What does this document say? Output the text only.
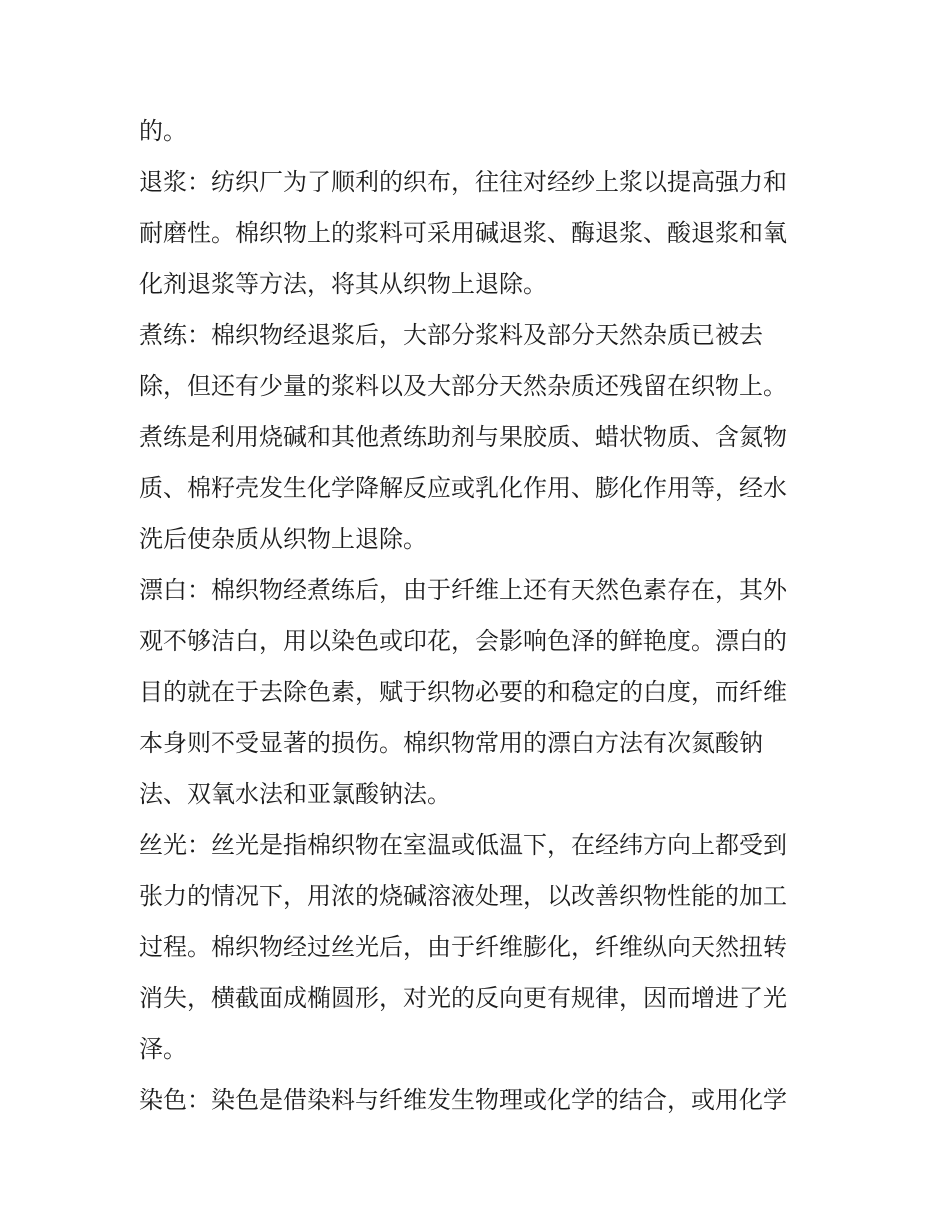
的。

退浆：纺织厂为了顺利的织布，往往对经纱上浆以提高强力和
耐磨性。棉织物上的浆料可采用碱退浆、酶退浆、酸退浆和氧
化剂退浆等方法，将其从织物上退除。

煮练：棉织物经退浆后，大部分浆料及部分天然杂质已被去
除，但还有少量的浆料以及大部分天然杂质还残留在织物上。
煮练是利用烧碱和其他煮练助剂与果胶质、蜡状物质、含氮物
质、棉籽壳发生化学降解反应或乳化作用、膨化作用等，经水
洗后使杂质从织物上退除。

漂白：棉织物经煮练后，由于纤维上还有天然色素存在，其外
观不够洁白，用以染色或印花，会影响色泽的鲜艳度。漂白的
目的就在于去除色素，赋于织物必要的和稳定的白度，而纤维
本身则不受显著的损伤。棉织物常用的漂白方法有次氮酸钠
法、双氧水法和亚氯酸钠法。

丝光：丝光是指棉织物在室温或低温下，在经纬方向上都受到
张力的情况下，用浓的烧碱溶液处理，以改善织物性能的加工
过程。棉织物经过丝光后，由于纤维膨化，纤维纵向天然扭转
消失，横截面成椭圆形，对光的反向更有规律，因而增进了光
泽。

染色：染色是借染料与纤维发生物理或化学的结合，或用化学
